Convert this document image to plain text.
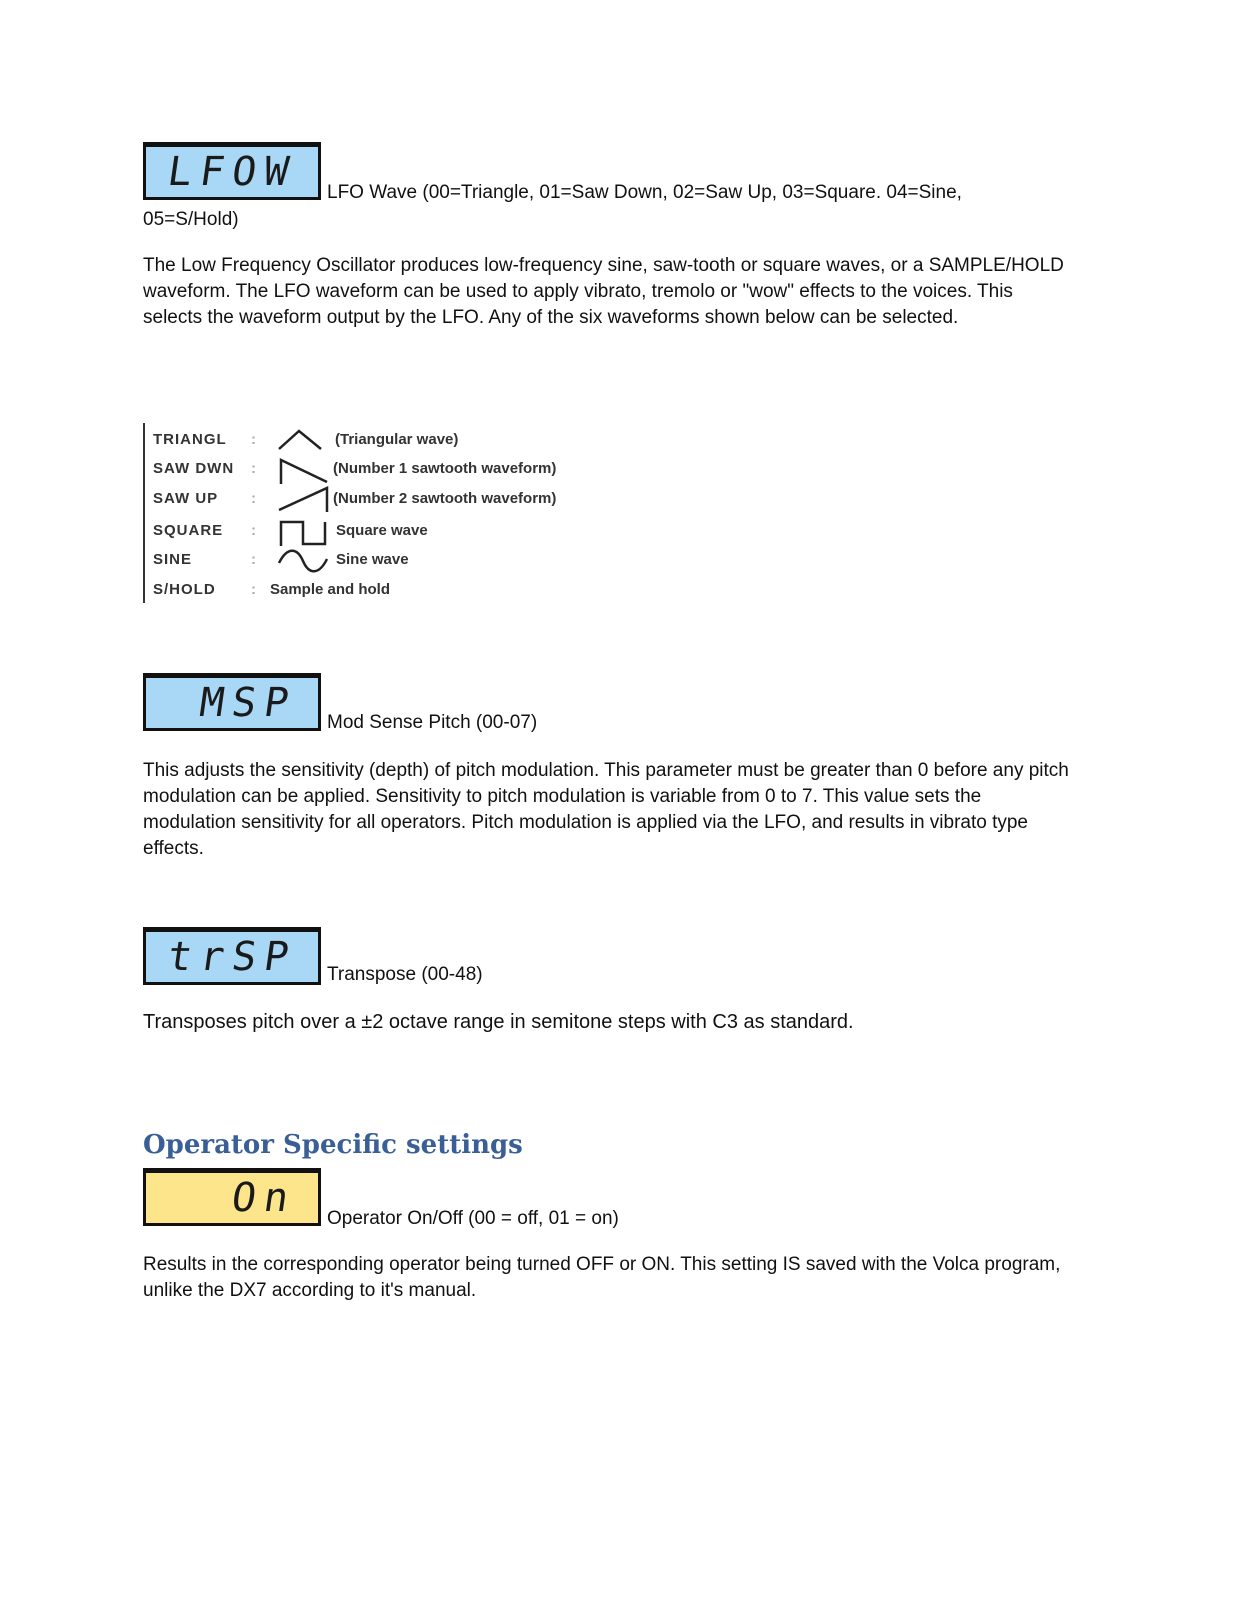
LFOW LFO Wave (00=Triangle, 01=Saw Down, 02=Saw Up, 03=Square. 04=Sine,
05=S/Hold)

The Low Frequency Oscillator produces low-frequency sine, saw-tooth or square waves, or a SAMPLE/HOLD waveform. The LFO waveform can be used to apply vibrato, tremolo or "wow" effects to the voices. This selects the waveform output by the LFO. Any of the six waveforms shown below can be selected.

TRIANGL	:	(Triangular wave)
SAW DWN	:	(Number 1 sawtooth waveform)
SAW UP	:	(Number 2 sawtooth waveform)
SQUARE	:	Square wave
SINE	:	Sine wave
S/HOLD	: Sample and hold
MSP Mod Sense Pitch (00-07)

This adjusts the sensitivity (depth) of pitch modulation. This parameter must be greater than 0 before any pitch modulation can be applied. Sensitivity to pitch modulation is variable from 0 to 7. This value sets the modulation sensitivity for all operators. Pitch modulation is applied via the LFO, and results in vibrato type effects.

trSP Transpose (00-48)

Transposes pitch over a ±2 octave range in semitone steps with C3 as standard.

Operator Specific settings
On Operator On/Off (00 = off, 01 = on)

Results in the corresponding operator being turned OFF or ON. This setting IS saved with the Volca program, unlike the DX7 according to it's manual.
